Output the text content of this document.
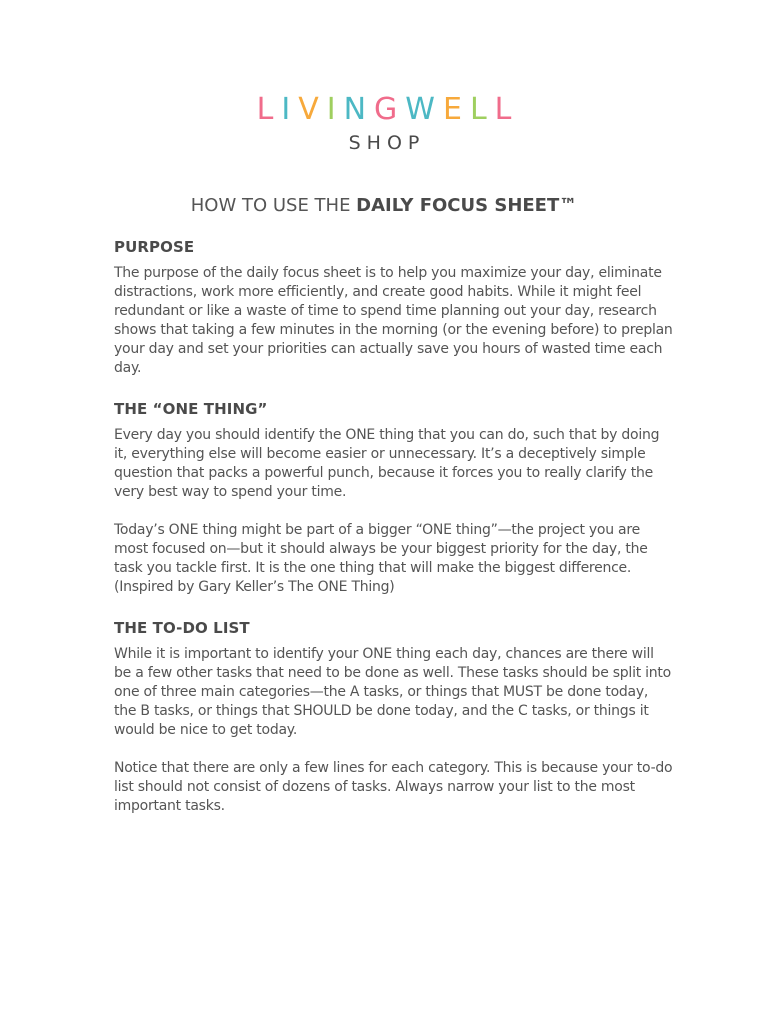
LIVINGWELL
SHOP
HOW TO USE THE DAILY FOCUS SHEET™
PURPOSE

The purpose of the daily focus sheet is to help you maximize your day, eliminate distractions, work more efficiently, and create good habits. While it might feel redundant or like a waste of time to spend time planning out your day, research shows that taking a few minutes in the morning (or the evening before) to preplan your day and set your priorities can actually save you hours of wasted time each day.

THE “ONE THING”

Every day you should identify the ONE thing that you can do, such that by doing it, everything else will become easier or unnecessary. It’s a deceptively simple question that packs a powerful punch, because it forces you to really clarify the very best way to spend your time.

Today’s ONE thing might be part of a bigger “ONE thing”—the project you are most focused on—but it should always be your biggest priority for the day, the task you tackle first. It is the one thing that will make the biggest difference. (Inspired by Gary Keller’s The ONE Thing)

THE TO-DO LIST

While it is important to identify your ONE thing each day, chances are there will be a few other tasks that need to be done as well. These tasks should be split into one of three main categories—the A tasks, or things that MUST be done today, the B tasks, or things that SHOULD be done today, and the C tasks, or things it would be nice to get today.

Notice that there are only a few lines for each category. This is because your to-do list should not consist of dozens of tasks. Always narrow your list to the most important tasks.
